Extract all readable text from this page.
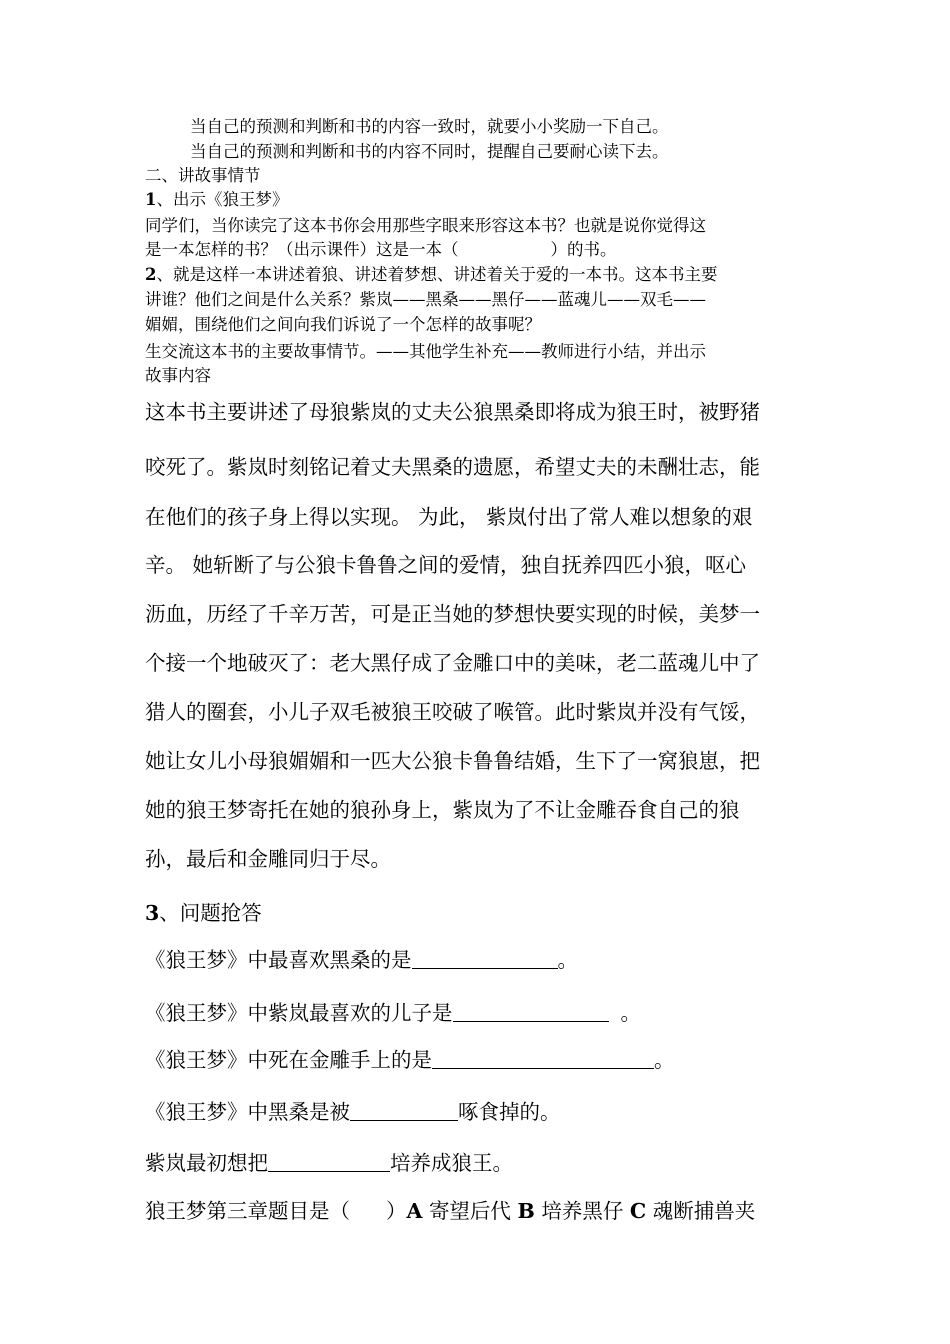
当自己的预测和判断和书的内容一致时，就要小小奖励一下自己。
当自己的预测和判断和书的内容不同时，提醒自己要耐心读下去。
二、讲故事情节
1、出示《狼王梦》
同学们，当你读完了这本书你会用那些字眼来形容这本书？也就是说你觉得这
是一本怎样的书？（出示课件）这是一本（	）的书。
2、就是这样一本讲述着狼、讲述着梦想、讲述着关于爱的一本书。这本书主要
讲谁？他们之间是什么关系？紫岚——黑桑——黑仔——蓝魂儿——双毛——
媚媚，围绕他们之间向我们诉说了一个怎样的故事呢？
生交流这本书的主要故事情节。——其他学生补充——教师进行小结，并出示
故事内容
这本书主要讲述了母狼紫岚的丈夫公狼黑桑即将成为狼王时，被野猪
咬死了。紫岚时刻铭记着丈夫黑桑的遗愿，希望丈夫的未酬壮志，能
在他们的孩子身上得以实现。 为此， 紫岚付出了常人难以想象的艰
辛。 她斩断了与公狼卡鲁鲁之间的爱情，独自抚养四匹小狼，呕心
沥血，历经了千辛万苦，可是正当她的梦想快要实现的时候，美梦一
个接一个地破灭了：老大黑仔成了金雕口中的美味，老二蓝魂儿中了
猎人的圈套，小儿子双毛被狼王咬破了喉管。此时紫岚并没有气馁，
她让女儿小母狼媚媚和一匹大公狼卡鲁鲁结婚，生下了一窝狼崽，把
她的狼王梦寄托在她的狼孙身上，紫岚为了不让金雕吞食自己的狼
孙，最后和金雕同归于尽。
3、问题抢答
《狼王梦》中最喜欢黑桑的是	。
《狼王梦》中紫岚最喜欢的儿子是	。
《狼王梦》中死在金雕手上的是	。
《狼王梦》中黑桑是被	啄食掉的。
紫岚最初想把	培养成狼王。
狼王梦第三章题目是（ ）A 寄望后代 B 培养黑仔 C 魂断捕兽夹
